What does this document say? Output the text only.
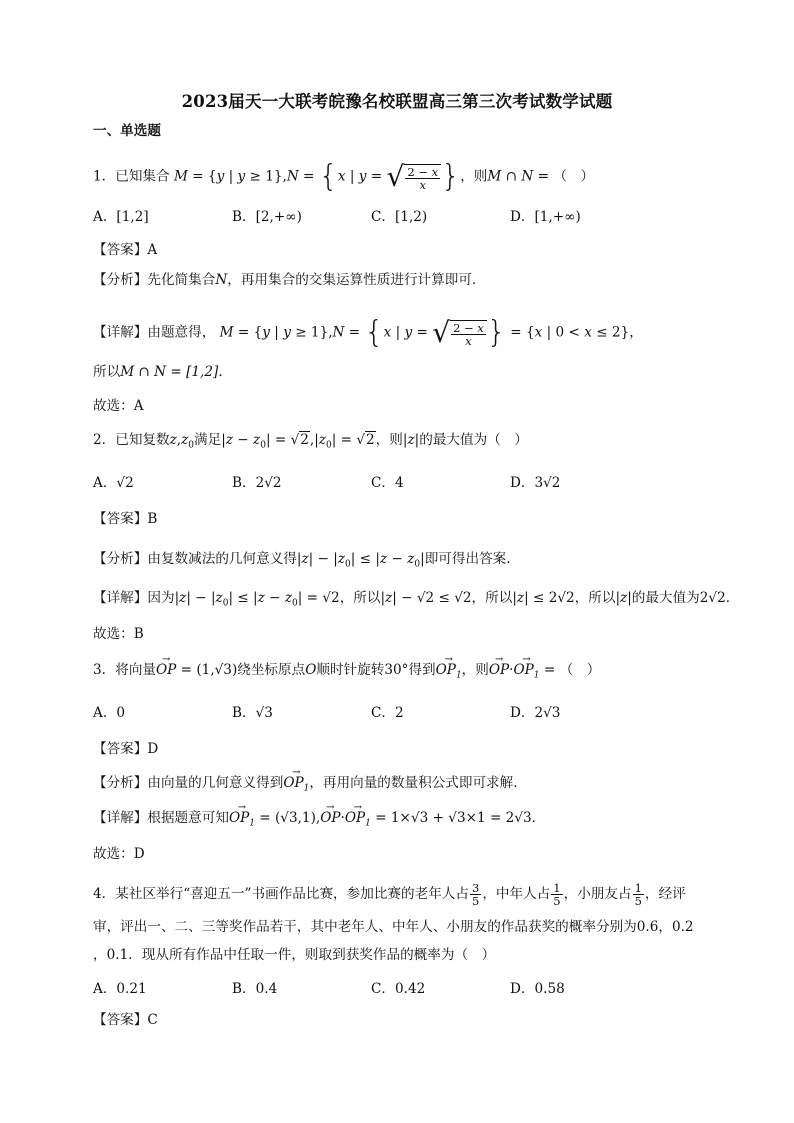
2023届天一大联考皖豫名校联盟高三第三次考试数学试题
一、单选题
1．已知集合 M = {y | y ≥ 1},N = {x | y = √ $\frac{2 - x}{x}$ }，则M ∩ N = （　）
A．[1,2]	B．[2,+∞)	C．[1,2)	D．[1,+∞)
【答案】A
【分析】先化简集合N，再用集合的交集运算性质进行计算即可.
【详解】由题意得， M = {y | y ≥ 1},N = {x | y = √ $\frac{2 - x}{x}$ } = {x | 0 < x ≤ 2}，
所以M ∩ N = [1,2]．
故选：A
2．已知复数$z,z_0$满足$|z - z_0| = √2,|z_0| = √2$，则|z|的最大值为（　）
A．√2	B．2√2	C．4	D．3√2
【答案】B
【分析】由复数减法的几何意义得$|z| - |z_0| \le |z - z_0|$即可得出答案.
【详解】因为$|z| - |z_0| \le |z - z_0| = √2$，所以|z| − √2 ≤ √2，所以|z| ≤ 2√2，所以|z|的最大值为2√2．
故选：B
3．将向量→ OP = (1,√3)绕坐标原点O顺时针旋转30°得到→ $OP_1$，则→ $OP\cdot\to OP_1$ = （　）
A．0	B．√3	C．2	D．2√3
【答案】D
【分析】由向量的几何意义得到→ $OP_1$，再用向量的数量积公式即可求解.
【详解】根据题意可知→ $OP_1 = (√3,1),\to OP\cdot\to OP_1 = 1\times√3 + √3\times 1 = 2√3$．
故选：D
4．某社区举行“喜迎五一”书画作品比赛，参加比赛的老年人占 $\frac{3}{5}$ ，中年人占 $\frac{1}{5}$ ，小朋友占 $\frac{1}{5}$ ，经评
审，评出一、二、三等奖作品若干，其中老年人、中年人、小朋友的作品获奖的概率分别为0.6，0.2
，0.1．现从所有作品中任取一件，则取到获奖作品的概率为（　）
A．0.21	B．0.4	C．0.42	D．0.58
【答案】C
